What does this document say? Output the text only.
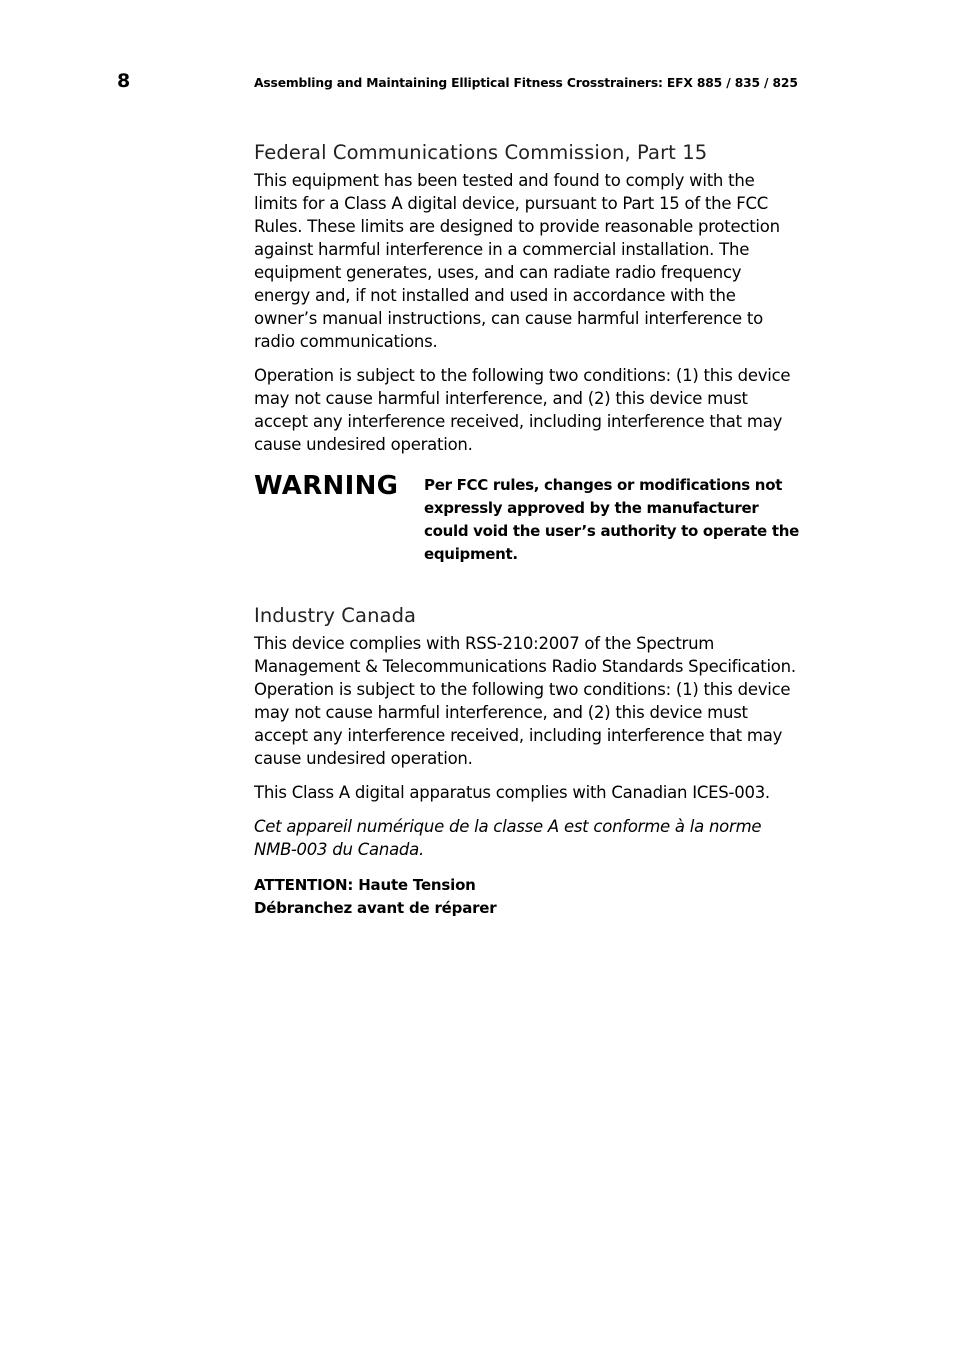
8	Assembling and Maintaining Elliptical Fitness Crosstrainers: EFX 885 / 835 / 825
Federal Communications Commission, Part 15

This equipment has been tested and found to comply with the limits for a Class A digital device, pursuant to Part 15 of the FCC Rules. These limits are designed to provide reasonable protection against harmful interference in a commercial installation. The equipment generates, uses, and can radiate radio frequency energy and, if not installed and used in accordance with the owner’s manual instructions, can cause harmful interference to radio communications.

Operation is subject to the following two conditions: (1) this device may not cause harmful interference, and (2) this device must accept any interference received, including interference that may cause undesired operation.

WARNING	Per FCC rules, changes or modifications not expressly approved by the manufacturer could void the user’s authority to operate the equipment.

Industry Canada

This device complies with RSS-210:2007 of the Spectrum Management & Telecommunications Radio Standards Specification. Operation is subject to the following two conditions: (1) this device may not cause harmful interference, and (2) this device must accept any interference received, including interference that may cause undesired operation.

This Class A digital apparatus complies with Canadian ICES-003.

Cet appareil numérique de la classe A est conforme à la norme NMB-003 du Canada.

ATTENTION: Haute Tension
Débranchez avant de réparer
